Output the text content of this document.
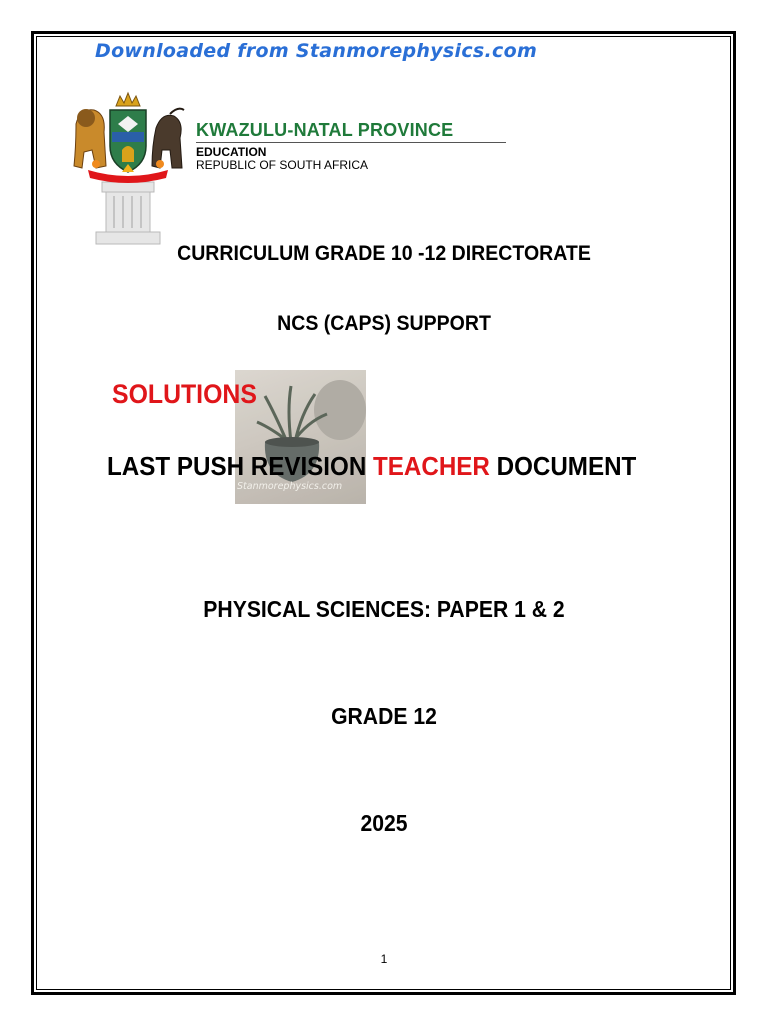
Downloaded from Stanmorephysics.com
KWAZULU-NATAL PROVINCE
EDUCATION
REPUBLIC OF SOUTH AFRICA
CURRICULUM GRADE 10 -12 DIRECTORATE
NCS (CAPS) SUPPORT
Stanmorephysics.com
SOLUTIONS
LAST PUSH REVISION TEACHER DOCUMENT
PHYSICAL SCIENCES: PAPER 1 & 2
GRADE 12
2025
1
